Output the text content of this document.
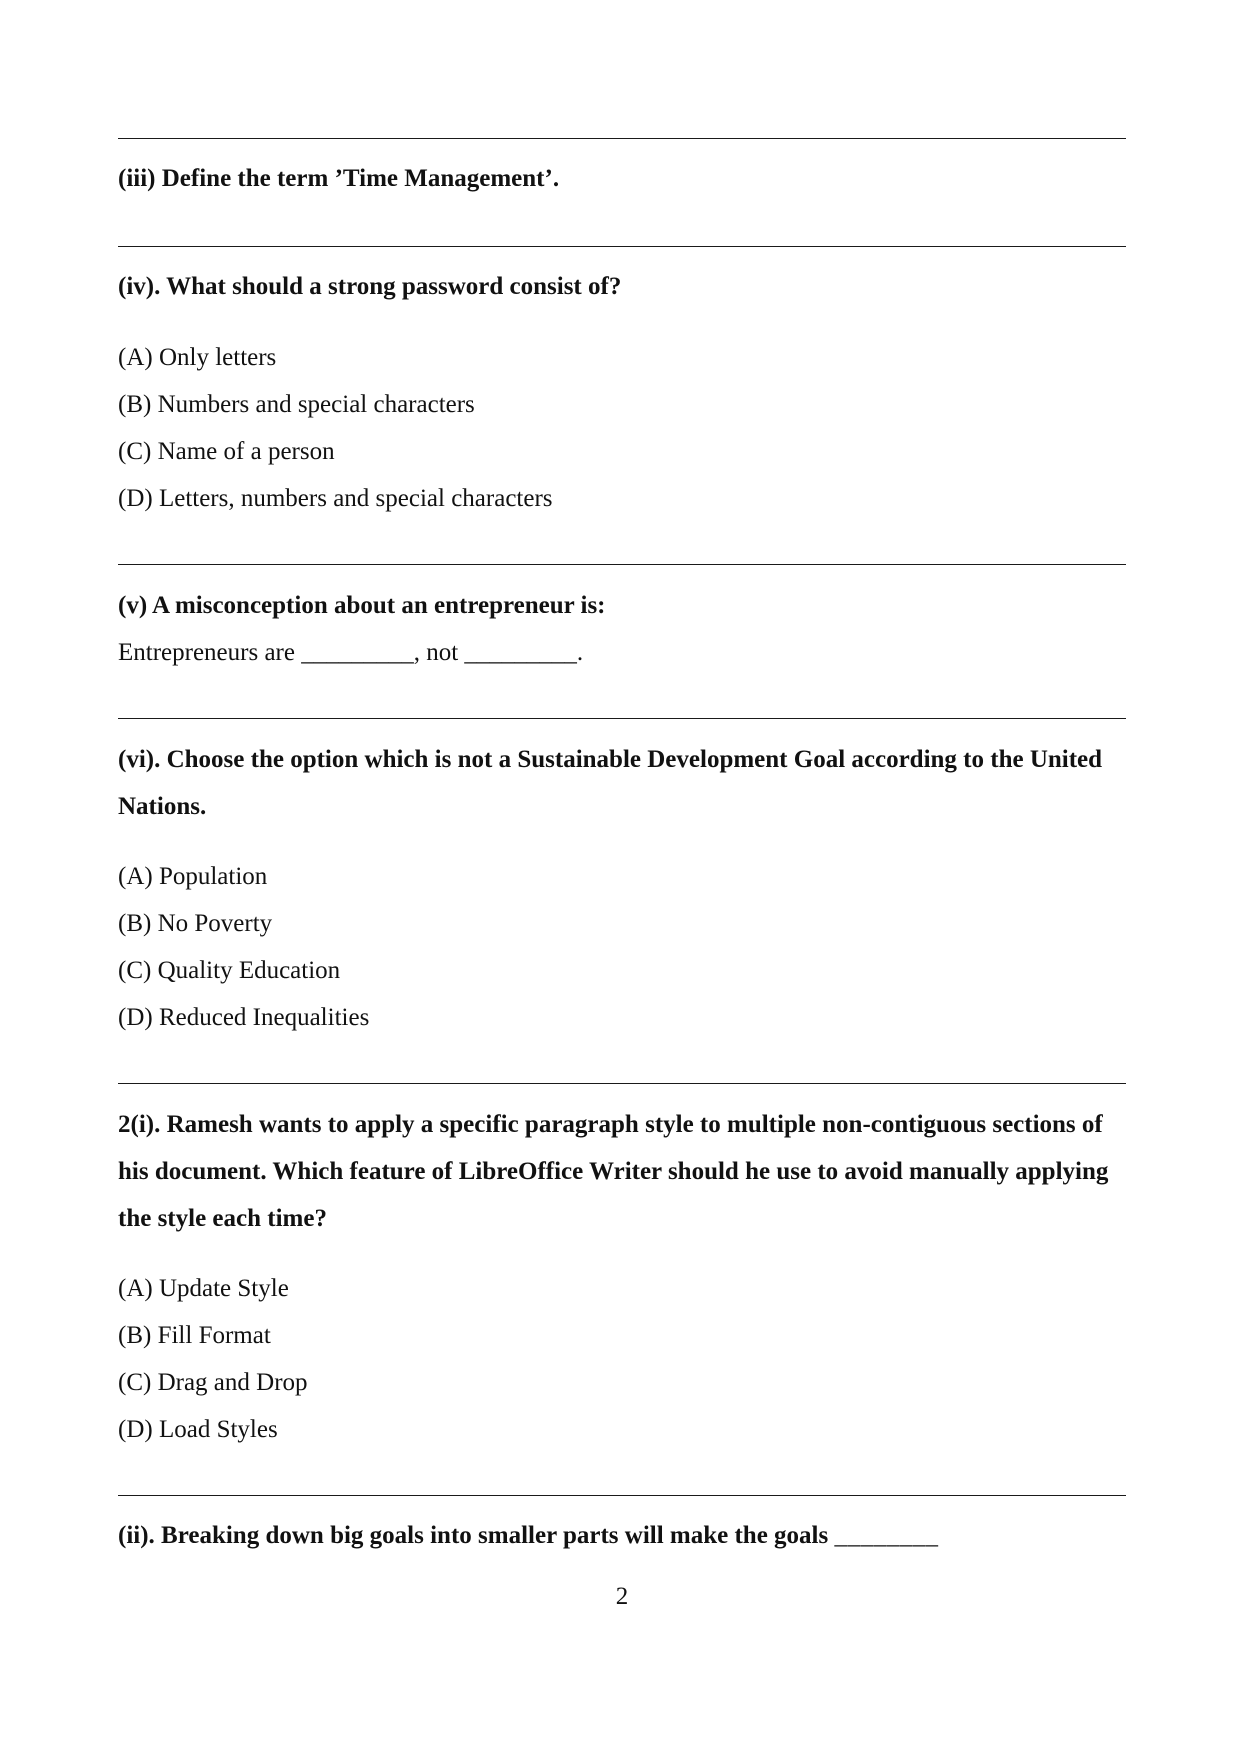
(iii) Define the term ’Time Management’.

(iv). What should a strong password consist of?

(A) Only letters

(B) Numbers and special characters

(C) Name of a person

(D) Letters, numbers and special characters

(v) A misconception about an entrepreneur is:

Entrepreneurs are _________, not _________.

(vi). Choose the option which is not a Sustainable Development Goal according to the United Nations.

(A) Population

(B) No Poverty

(C) Quality Education

(D) Reduced Inequalities

2(i). Ramesh wants to apply a specific paragraph style to multiple non-contiguous sections of his document. Which feature of LibreOffice Writer should he use to avoid manually applying the style each time?

(A) Update Style

(B) Fill Format

(C) Drag and Drop

(D) Load Styles

(ii). Breaking down big goals into smaller parts will make the goals ________

2
